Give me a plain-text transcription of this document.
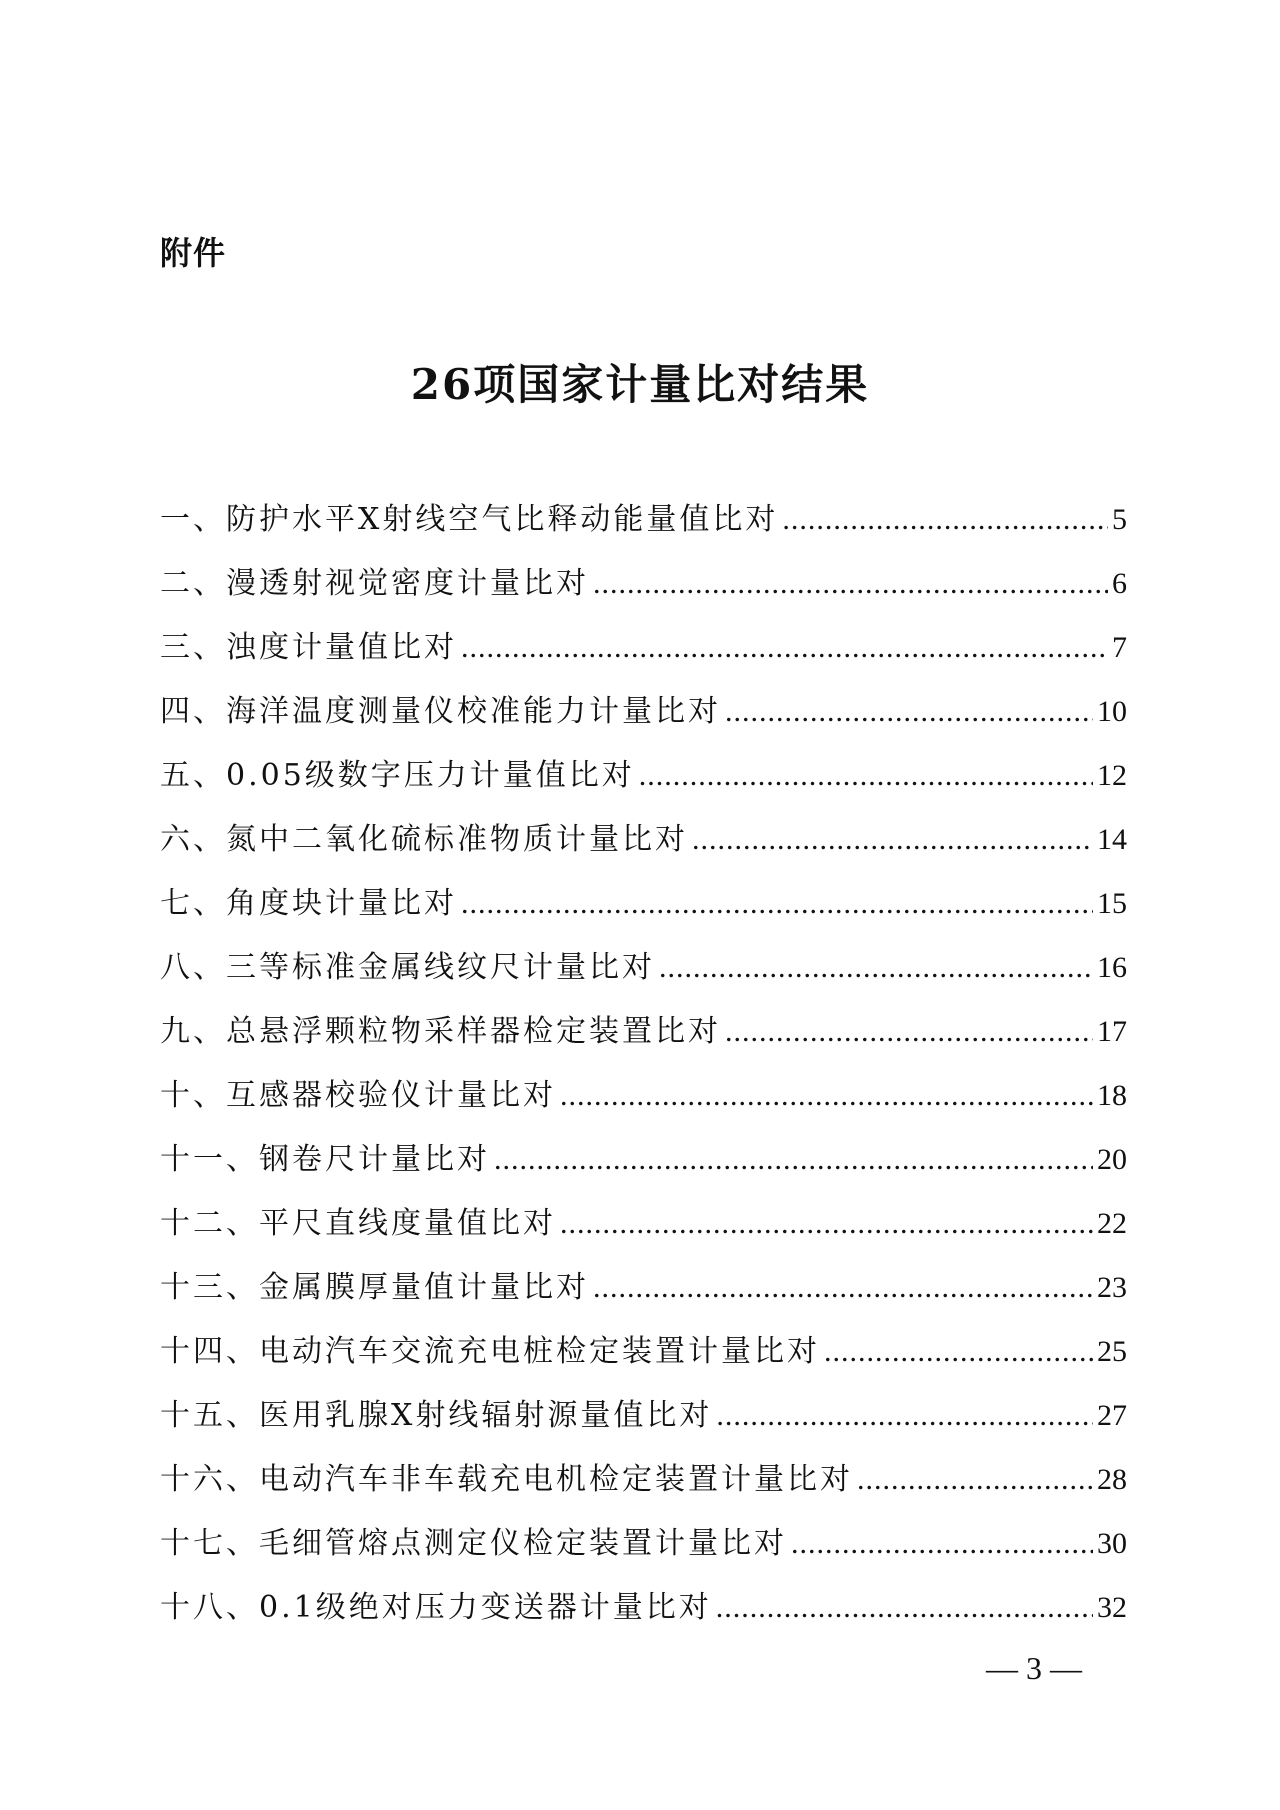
附件
26项国家计量比对结果
一、防护水平X射线空气比释动能量值比对 .....	5
二、漫透射视觉密度计量比对 .....	6
三、浊度计量值比对 .....	7
四、海洋温度测量仪校准能力计量比对 .....	10
五、0.05级数字压力计量值比对 .....	12
六、氮中二氧化硫标准物质计量比对 .....	14
七、角度块计量比对 .....	15
八、三等标准金属线纹尺计量比对 .....	16
九、总悬浮颗粒物采样器检定装置比对 .....	17
十、互感器校验仪计量比对 .....	18
十一、钢卷尺计量比对 .....	20
十二、平尺直线度量值比对 .....	22
十三、金属膜厚量值计量比对 .....	23
十四、电动汽车交流充电桩检定装置计量比对 .....	25
十五、医用乳腺X射线辐射源量值比对 .....	27
十六、电动汽车非车载充电机检定装置计量比对 .....	28
十七、毛细管熔点测定仪检定装置计量比对 .....	30
十八、0.1级绝对压力变送器计量比对 .....	32
— 3 —
